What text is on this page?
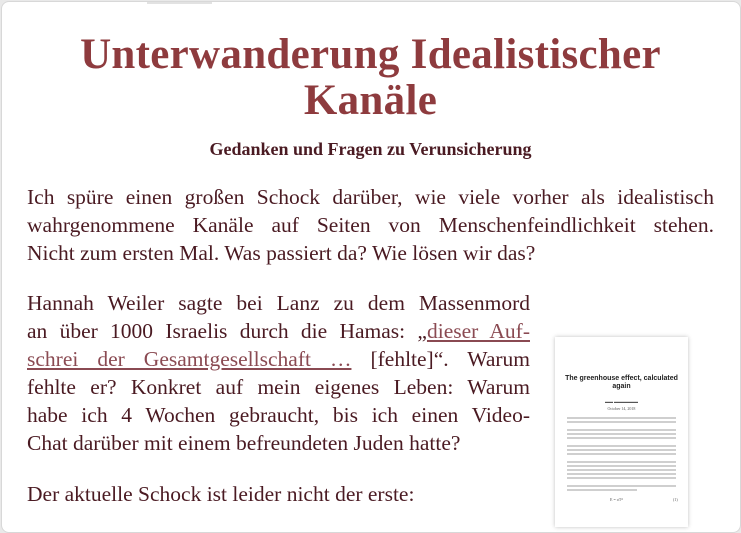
Unterwanderung Idealistischer
Kanäle
Gedanken und Fragen zu Verunsicherung
Ich spüre einen großen Schock darüber, wie viele vorher als idealistisch
wahrgenommene Kanäle auf Seiten von Menschenfeindlichkeit stehen.
Nicht zum ersten Mal. Was passiert da? Wie lösen wir das?
Hannah Weiler sagte bei Lanz zu dem Massenmord
an über 1000 Israelis durch die Hamas: „dieser Auf-
schrei der Gesamtgesellschaft … [fehlte]“. Warum
fehlte er? Konkret auf mein eigenes Leben: Warum
habe ich 4 Wochen gebraucht, bis ich einen Video-
Chat darüber mit einem befreundeten Juden hatte?
Der aktuelle Schock ist leider nicht der erste:
The greenhouse effect, calculated again
▬▬ ▬▬▬▬▬▬
October 14, 2018
E = σT⁴	(1)
